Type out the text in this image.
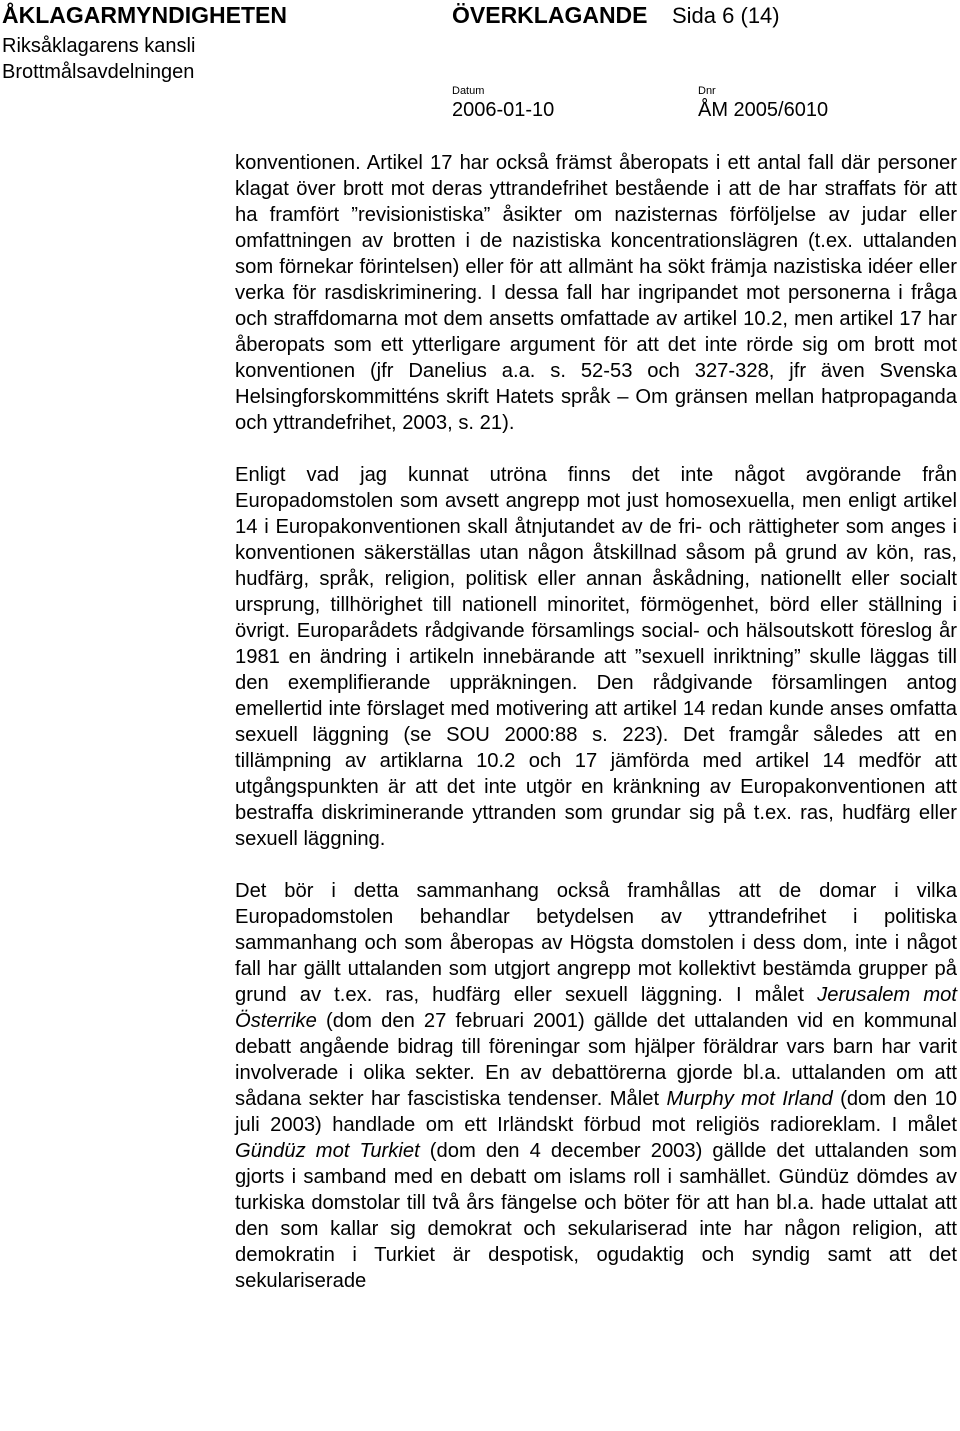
ÅKLAGARMYNDIGHETEN	ÖVERKLAGANDE Sida 6 (14)
Riksåklagarens kansli
Brottmålsavdelningen
Datum	Dnr
2006-01-10	ÅM 2005/6010

konventionen. Artikel 17 har också främst åberopats i ett antal fall där personer klagat över brott mot deras yttrandefrihet bestående i att de har straffats för att ha framfört ”revisionistiska” åsikter om nazisternas förföljelse av judar eller omfattningen av brotten i de nazistiska koncentrationslägren (t.ex. uttalanden som förnekar förintelsen) eller för att allmänt ha sökt främja nazistiska idéer eller verka för rasdiskriminering. I dessa fall har ingripandet mot personerna i fråga och straffdomarna mot dem ansetts omfattade av artikel 10.2, men artikel 17 har åberopats som ett ytterligare argument för att det inte rörde sig om brott mot konventionen (jfr Danelius a.a. s. 52-53 och 327-328, jfr även Svenska Helsingforskommitténs skrift Hatets språk – Om gränsen mellan hatpropaganda och yttrandefrihet, 2003, s. 21).

Enligt vad jag kunnat utröna finns det inte något avgörande från Europadomstolen som avsett angrepp mot just homosexuella, men enligt artikel 14 i Europakonventionen skall åtnjutandet av de fri- och rättigheter som anges i konventionen säkerställas utan någon åtskillnad såsom på grund av kön, ras, hudfärg, språk, religion, politisk eller annan åskådning, nationellt eller socialt ursprung, tillhörighet till nationell minoritet, förmögenhet, börd eller ställning i övrigt. Europarådets rådgivande församlings social- och hälsoutskott föreslog år 1981 en ändring i artikeln innebärande att ”sexuell inriktning” skulle läggas till den exemplifierande uppräkningen. Den rådgivande församlingen antog emellertid inte förslaget med motivering att artikel 14 redan kunde anses omfatta sexuell läggning (se SOU 2000:88 s. 223). Det framgår således att en tillämpning av artiklarna 10.2 och 17 jämförda med artikel 14 medför att utgångspunkten är att det inte utgör en kränkning av Europakonventionen att bestraffa diskriminerande yttranden som grundar sig på t.ex. ras, hudfärg eller sexuell läggning.

Det bör i detta sammanhang också framhållas att de domar i vilka Europadomstolen behandlar betydelsen av yttrandefrihet i politiska sammanhang och som åberopas av Högsta domstolen i dess dom, inte i något fall har gällt uttalanden som utgjort angrepp mot kollektivt bestämda grupper på grund av t.ex. ras, hudfärg eller sexuell läggning. I målet Jerusalem mot Österrike (dom den 27 februari 2001) gällde det uttalanden vid en kommunal debatt angående bidrag till föreningar som hjälper föräldrar vars barn har varit involverade i olika sekter. En av debattörerna gjorde bl.a. uttalanden om att sådana sekter har fascistiska tendenser. Målet Murphy mot Irland (dom den 10 juli 2003) handlade om ett Irländskt förbud mot religiös radioreklam. I målet Gündüz mot Turkiet (dom den 4 december 2003) gällde det uttalanden som gjorts i samband med en debatt om islams roll i samhället. Gündüz dömdes av turkiska domstolar till två års fängelse och böter för att han bl.a. hade uttalat att den som kallar sig demokrat och sekulariserad inte har någon religion, att demokratin i Turkiet är despotisk, ogudaktig och syndig samt att det sekulariserade
